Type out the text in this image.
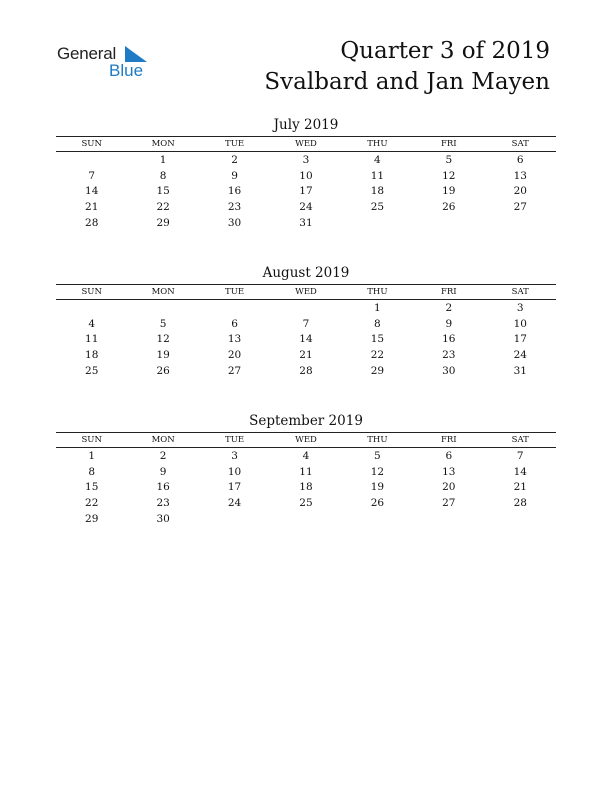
General
Blue
Quarter 3 of 2019
Svalbard and Jan Mayen
July 2019
SUN	MON	TUE	WED	THU	FRI	SAT
	1	2	3	4	5	6
7	8	9	10	11	12	13
14	15	16	17	18	19	20
21	22	23	24	25	26	27
28	29	30	31			
August 2019
SUN	MON	TUE	WED	THU	FRI	SAT
				1	2	3
4	5	6	7	8	9	10
11	12	13	14	15	16	17
18	19	20	21	22	23	24
25	26	27	28	29	30	31
September 2019
SUN	MON	TUE	WED	THU	FRI	SAT
1	2	3	4	5	6	7
8	9	10	11	12	13	14
15	16	17	18	19	20	21
22	23	24	25	26	27	28
29	30					
